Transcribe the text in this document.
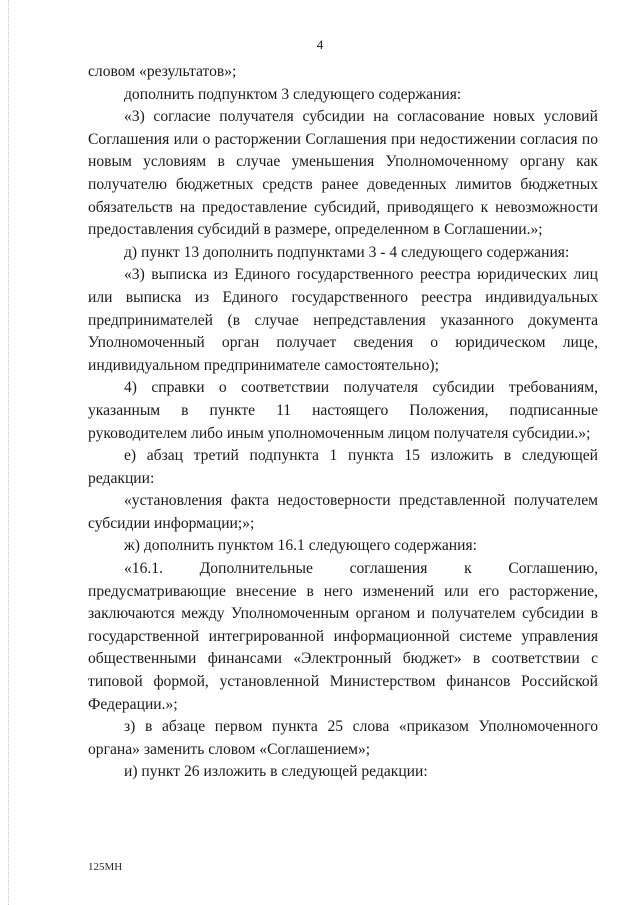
4

словом «результатов»;

дополнить подпунктом 3 следующего содержания:

«3) согласие получателя субсидии на согласование новых условий Соглашения или о расторжении Соглашения при недостижении согласия по новым условиям в случае уменьшения Уполномоченному органу как получателю бюджетных средств ранее доведенных лимитов бюджетных обязательств на предоставление субсидий, приводящего к невозможности предоставления субсидий в размере, определенном в Соглашении.»;

д) пункт 13 дополнить подпунктами 3 - 4 следующего содержания:

«3) выписка из Единого государственного реестра юридических лиц или выписка из Единого государственного реестра индивидуальных предпринимателей (в случае непредставления указанного документа Уполномоченный орган получает сведения о юридическом лице, индивидуальном предпринимателе самостоятельно);

4) справки о соответствии получателя субсидии требованиям, указанным в пункте 11 настоящего Положения, подписанные руководителем либо иным уполномоченным лицом получателя субсидии.»;

е) абзац третий подпункта 1 пункта 15 изложить в следующей редакции:

«установления факта недостоверности представленной получателем субсидии информации;»;

ж) дополнить пунктом 16.1 следующего содержания:

«16.1. Дополнительные соглашения к Соглашению, предусматривающие внесение в него изменений или его расторжение, заключаются между Уполномоченным органом и получателем субсидии в государственной интегрированной информационной системе управления общественными финансами «Электронный бюджет» в соответствии с типовой формой, установленной Министерством финансов Российской Федерации.»;

з) в абзаце первом пункта 25 слова «приказом Уполномоченного органа» заменить словом «Соглашением»;

и) пункт 26 изложить в следующей редакции:

125МН
